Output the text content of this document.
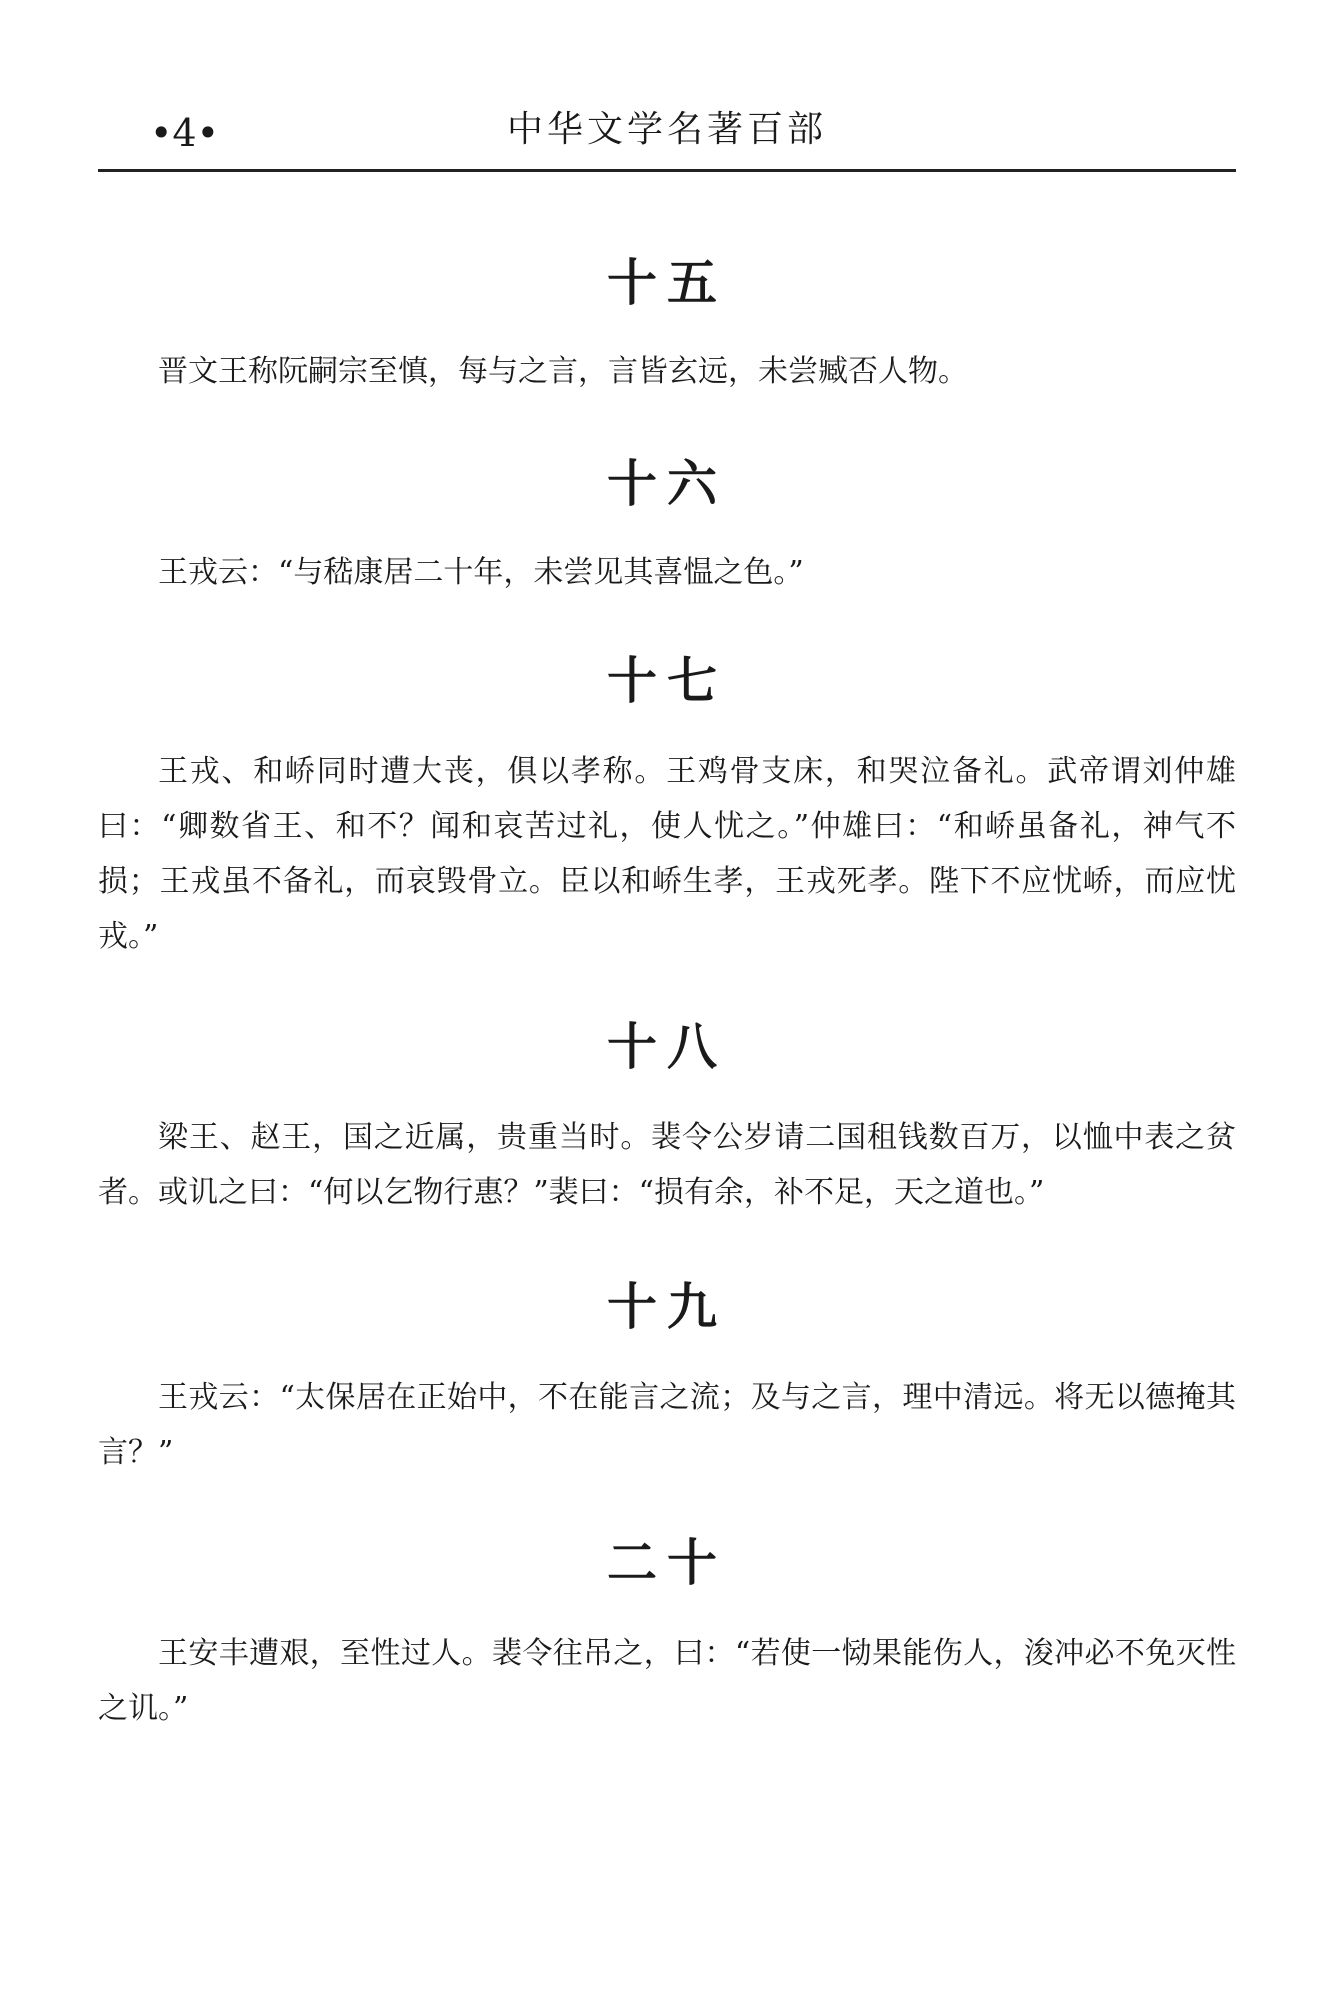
•4•	中华文学名著百部
十五

晋文王称阮嗣宗至慎，每与之言，言皆玄远，未尝臧否人物。

十六

王戎云：“与嵇康居二十年，未尝见其喜愠之色。”

十七

王戎、和峤同时遭大丧，俱以孝称。王鸡骨支床，和哭泣备礼。武帝谓刘仲雄曰：“卿数省王、和不？闻和哀苦过礼，使人忧之。”仲雄曰：“和峤虽备礼，神气不损；王戎虽不备礼，而哀毁骨立。臣以和峤生孝，王戎死孝。陛下不应忧峤，而应忧戎。”

十八

梁王、赵王，国之近属，贵重当时。裴令公岁请二国租钱数百万，以恤中表之贫者。或讥之曰：“何以乞物行惠？”裴曰：“损有余，补不足，天之道也。”

十九

王戎云：“太保居在正始中，不在能言之流；及与之言，理中清远。将无以德掩其言？”

二十

王安丰遭艰，至性过人。裴令往吊之，曰：“若使一恸果能伤人，浚冲必不免灭性之讥。”
